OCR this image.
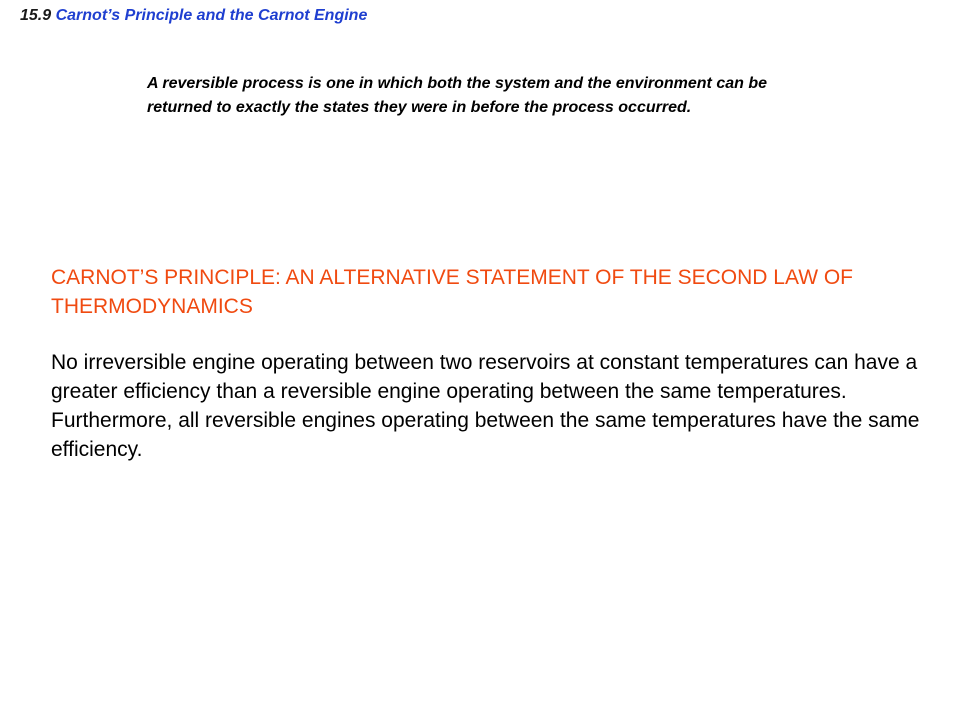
15.9 Carnot’s Principle and the Carnot Engine

A reversible process is one in which both the system and the environment can be returned to exactly the states they were in before the process occurred.

CARNOT’S PRINCIPLE: AN ALTERNATIVE STATEMENT OF THE SECOND LAW OF THERMODYNAMICS

No irreversible engine operating between two reservoirs at constant temperatures can have a greater efficiency than a reversible engine operating between the same temperatures. Furthermore, all reversible engines operating between the same temperatures have the same efficiency.
